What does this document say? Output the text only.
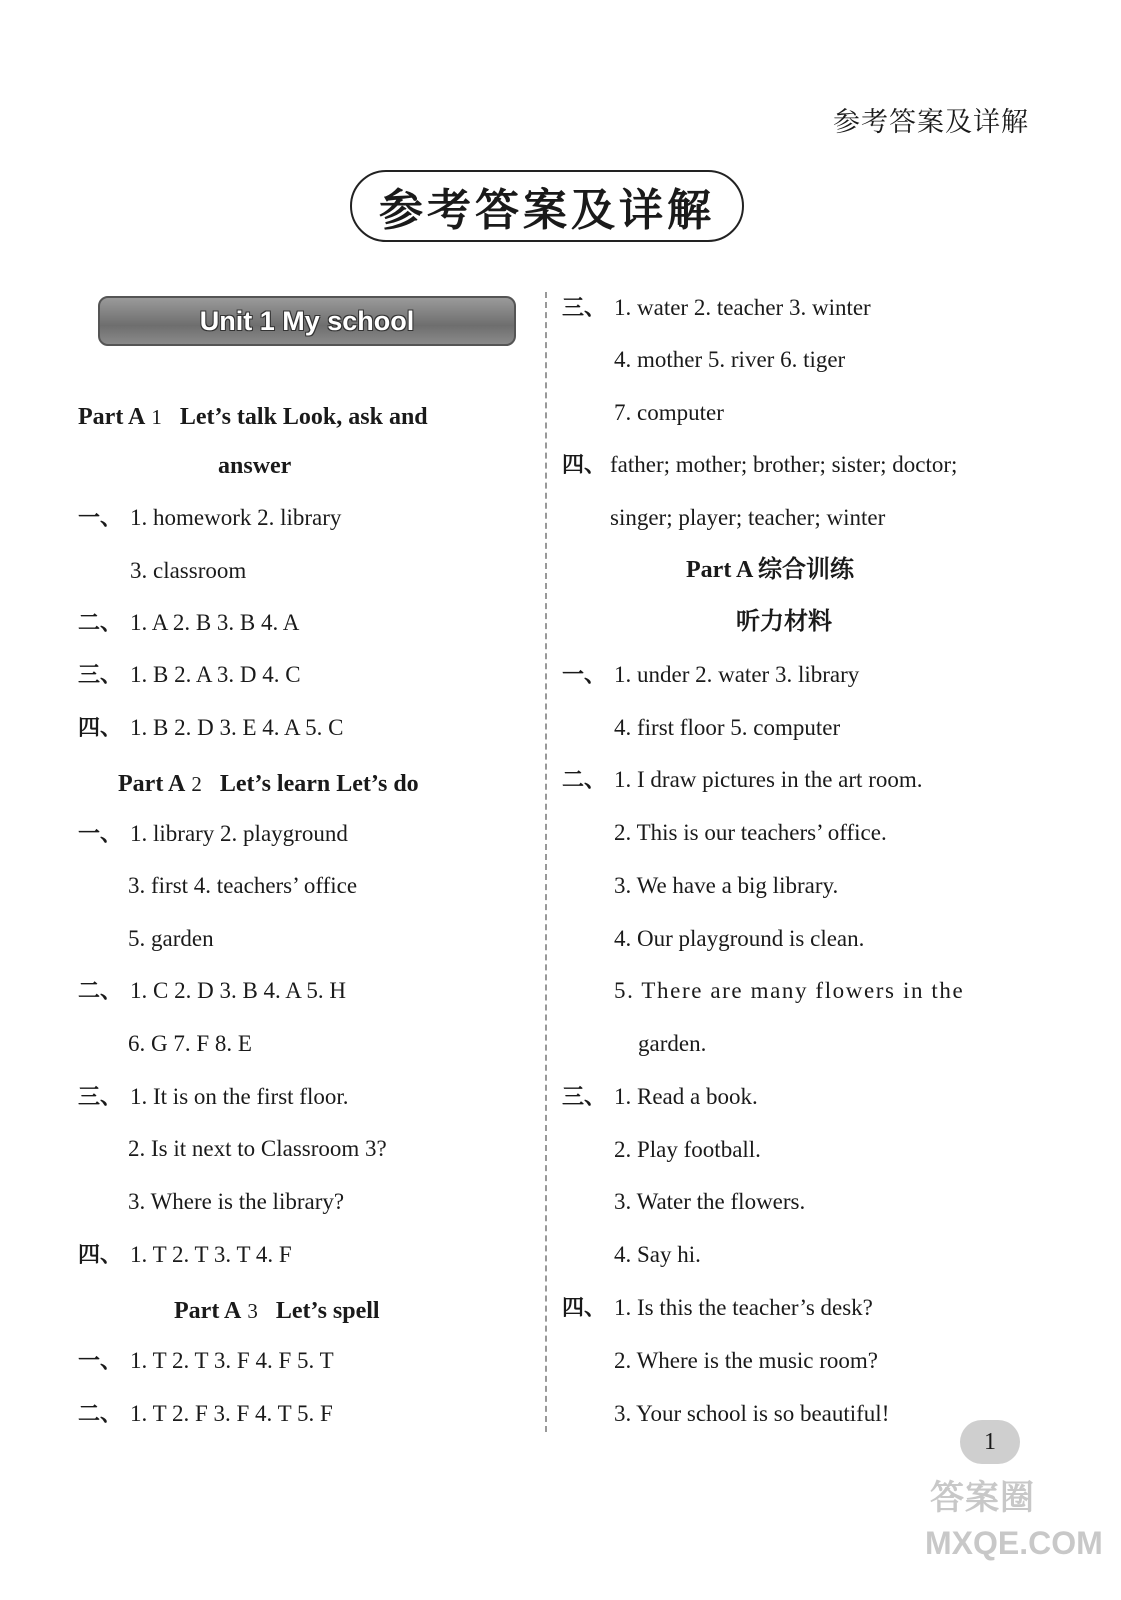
参考答案及详解
参考答案及详解
Unit 1 My school
Part A 1 Let’s talk Look, ask and
answer
一、 1. homework 2. library
3. classroom
二、 1. A 2. B 3. B 4. A
三、 1. B 2. A 3. D 4. C
四、 1. B 2. D 3. E 4. A 5. C
Part A 2 Let’s learn Let’s do
一、 1. library 2. playground
3. first 4. teachers’ office
5. garden
二、 1. C 2. D 3. B 4. A 5. H
6. G 7. F 8. E
三、 1. It is on the first floor.
2. Is it next to Classroom 3?
3. Where is the library?
四、 1. T 2. T 3. T 4. F
Part A 3 Let’s spell
一、 1. T 2. T 3. F 4. F 5. T
二、 1. T 2. F 3. F 4. T 5. F
三、 1. water 2. teacher 3. winter
4. mother 5. river 6. tiger
7. computer
四、 father; mother; brother; sister; doctor;
singer; player; teacher; winter
Part A 综合训练
听力材料
一、 1. under 2. water 3. library
4. first floor 5. computer
二、 1. I draw pictures in the art room.
2. This is our teachers’ office.
3. We have a big library.
4. Our playground is clean.
5. There are many flowers in the
garden.
三、 1. Read a book.
2. Play football.
3. Water the flowers.
4. Say hi.
四、 1. Is this the teacher’s desk?
2. Where is the music room?
3. Your school is so beautiful!
1
答案圈
MXQE.COM
